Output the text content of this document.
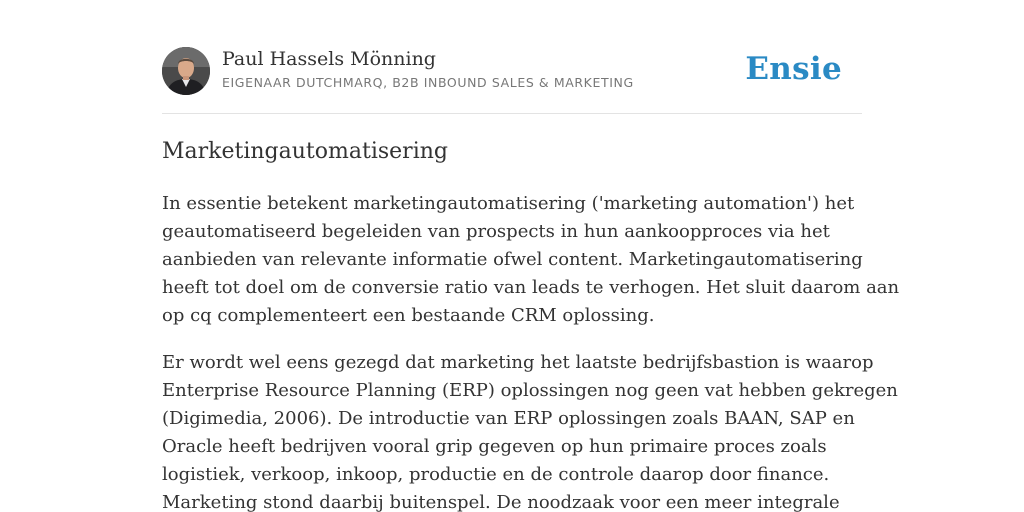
Paul Hassels Mönning
EIGENAAR DUTCHMARQ, B2B INBOUND SALES & MARKETING	Ensie
Marketingautomatisering

In essentie betekent marketingautomatisering ('marketing automation') het
geautomatiseerd begeleiden van prospects in hun aankoopproces via het
aanbieden van relevante informatie ofwel content. Marketingautomatisering
heeft tot doel om de conversie ratio van leads te verhogen. Het sluit daarom aan
op cq complementeert een bestaande CRM oplossing.

Er wordt wel eens gezegd dat marketing het laatste bedrijfsbastion is waarop
Enterprise Resource Planning (ERP) oplossingen nog geen vat hebben gekregen
(Digimedia, 2006). De introductie van ERP oplossingen zoals BAAN, SAP en
Oracle heeft bedrijven vooral grip gegeven op hun primaire proces zoals
logistiek, verkoop, inkoop, productie en de controle daarop door finance.
Marketing stond daarbij buitenspel. De noodzaak voor een meer integrale
